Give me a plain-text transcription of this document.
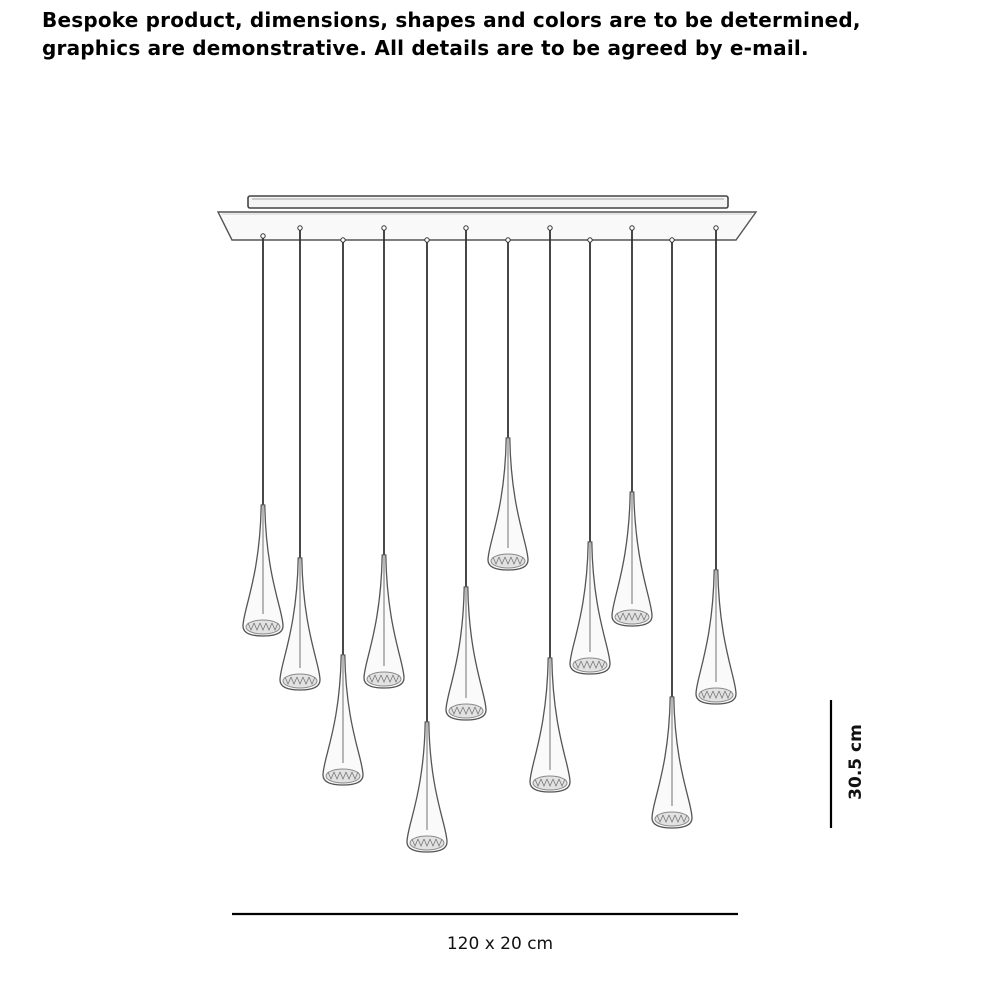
Bespoke product, dimensions, shapes and colors are to be determined, graphics are demonstrative. All details are to be agreed by e-mail.

120 x 20 cm
30.5 cm
